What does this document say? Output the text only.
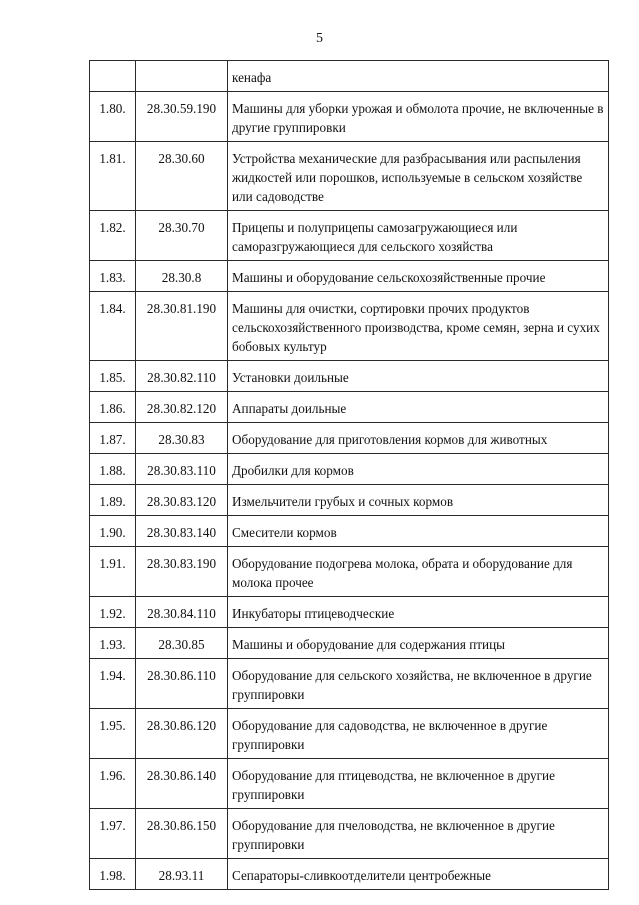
5
		кенафа
1.80.	28.30.59.190	Машины для уборки урожая и обмолота прочие, не включенные в другие группировки
1.81.	28.30.60	Устройства механические для разбрасывания или распыления жидкостей или порошков, используемые в сельском хозяйстве или садоводстве
1.82.	28.30.70	Прицепы и полуприцепы самозагружающиеся или саморазгружающиеся для сельского хозяйства
1.83.	28.30.8	Машины и оборудование сельскохозяйственные прочие
1.84.	28.30.81.190	Машины для очистки, сортировки прочих продуктов сельскохозяйственного производства, кроме семян, зерна и сухих бобовых культур
1.85.	28.30.82.110	Установки доильные
1.86.	28.30.82.120	Аппараты доильные
1.87.	28.30.83	Оборудование для приготовления кормов для животных
1.88.	28.30.83.110	Дробилки для кормов
1.89.	28.30.83.120	Измельчители грубых и сочных кормов
1.90.	28.30.83.140	Смесители кормов
1.91.	28.30.83.190	Оборудование подогрева молока, обрата и оборудование для молока прочее
1.92.	28.30.84.110	Инкубаторы птицеводческие
1.93.	28.30.85	Машины и оборудование для содержания птицы
1.94.	28.30.86.110	Оборудование для сельского хозяйства, не включенное в другие группировки
1.95.	28.30.86.120	Оборудование для садоводства, не включенное в другие группировки
1.96.	28.30.86.140	Оборудование для птицеводства, не включенное в другие группировки
1.97.	28.30.86.150	Оборудование для пчеловодства, не включенное в другие группировки
1.98.	28.93.11	Сепараторы-сливкоотделители центробежные
